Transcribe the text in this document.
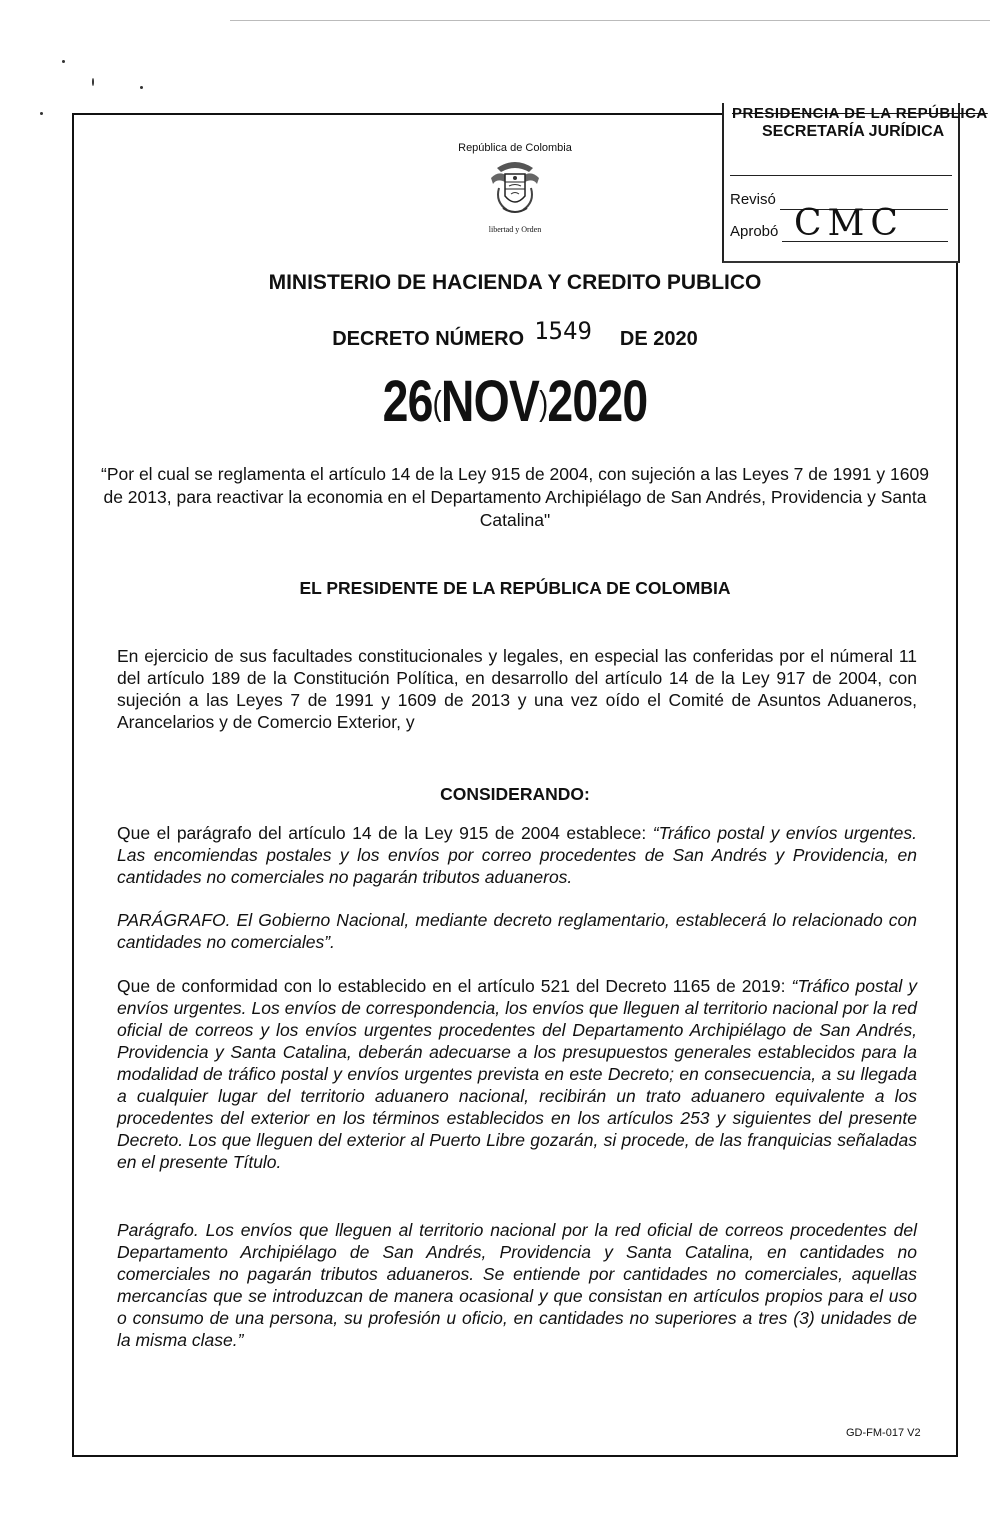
PRESIDENCIA DE LA REPÚBLICA
SECRETARÍA JURÍDICA
Revisó
Aprobó CMC
República de Colombia
libertad y Orden
MINISTERIO DE HACIENDA Y CREDITO PUBLICO
DECRETO NÚMERO 1549 DE 2020
26(NOV)2020
“Por el cual se reglamenta el artículo 14 de la Ley 915 de 2004, con sujeción a las Leyes 7 de 1991 y 1609 de 2013, para reactivar la economia en el Departamento Archipiélago de San Andrés, Providencia y Santa Catalina"
EL PRESIDENTE DE LA REPÚBLICA DE COLOMBIA
En ejercicio de sus facultades constitucionales y legales, en especial las conferidas por el númeral 11 del artículo 189 de la Constitución Política, en desarrollo del artículo 14 de la Ley 917 de 2004, con sujeción a las Leyes 7 de 1991 y 1609 de 2013 y una vez oído el Comité de Asuntos Aduaneros, Arancelarios y de Comercio Exterior, y
CONSIDERANDO:
Que el parágrafo del artículo 14 de la Ley 915 de 2004 establece: “Tráfico postal y envíos urgentes. Las encomiendas postales y los envíos por correo procedentes de San Andrés y Providencia, en cantidades no comerciales no pagarán tributos aduaneros.
PARÁGRAFO. El Gobierno Nacional, mediante decreto reglamentario, establecerá lo relacionado con cantidades no comerciales”.
Que de conformidad con lo establecido en el artículo 521 del Decreto 1165 de 2019: “Tráfico postal y envíos urgentes. Los envíos de correspondencia, los envíos que lleguen al territorio nacional por la red oficial de correos y los envíos urgentes procedentes del Departamento Archipiélago de San Andrés, Providencia y Santa Catalina, deberán adecuarse a los presupuestos generales establecidos para la modalidad de tráfico postal y envíos urgentes prevista en este Decreto; en consecuencia, a su llegada a cualquier lugar del territorio aduanero nacional, recibirán un trato aduanero equivalente a los procedentes del exterior en los términos establecidos en los artículos 253 y siguientes del presente Decreto. Los que lleguen del exterior al Puerto Libre gozarán, si procede, de las franquicias señaladas en el presente Título.
Parágrafo. Los envíos que lleguen al territorio nacional por la red oficial de correos procedentes del Departamento Archipiélago de San Andrés, Providencia y Santa Catalina, en cantidades no comerciales no pagarán tributos aduaneros. Se entiende por cantidades no comerciales, aquellas mercancías que se introduzcan de manera ocasional y que consistan en artículos propios para el uso o consumo de una persona, su profesión u oficio, en cantidades no superiores a tres (3) unidades de la misma clase.”
GD-FM-017 V2
